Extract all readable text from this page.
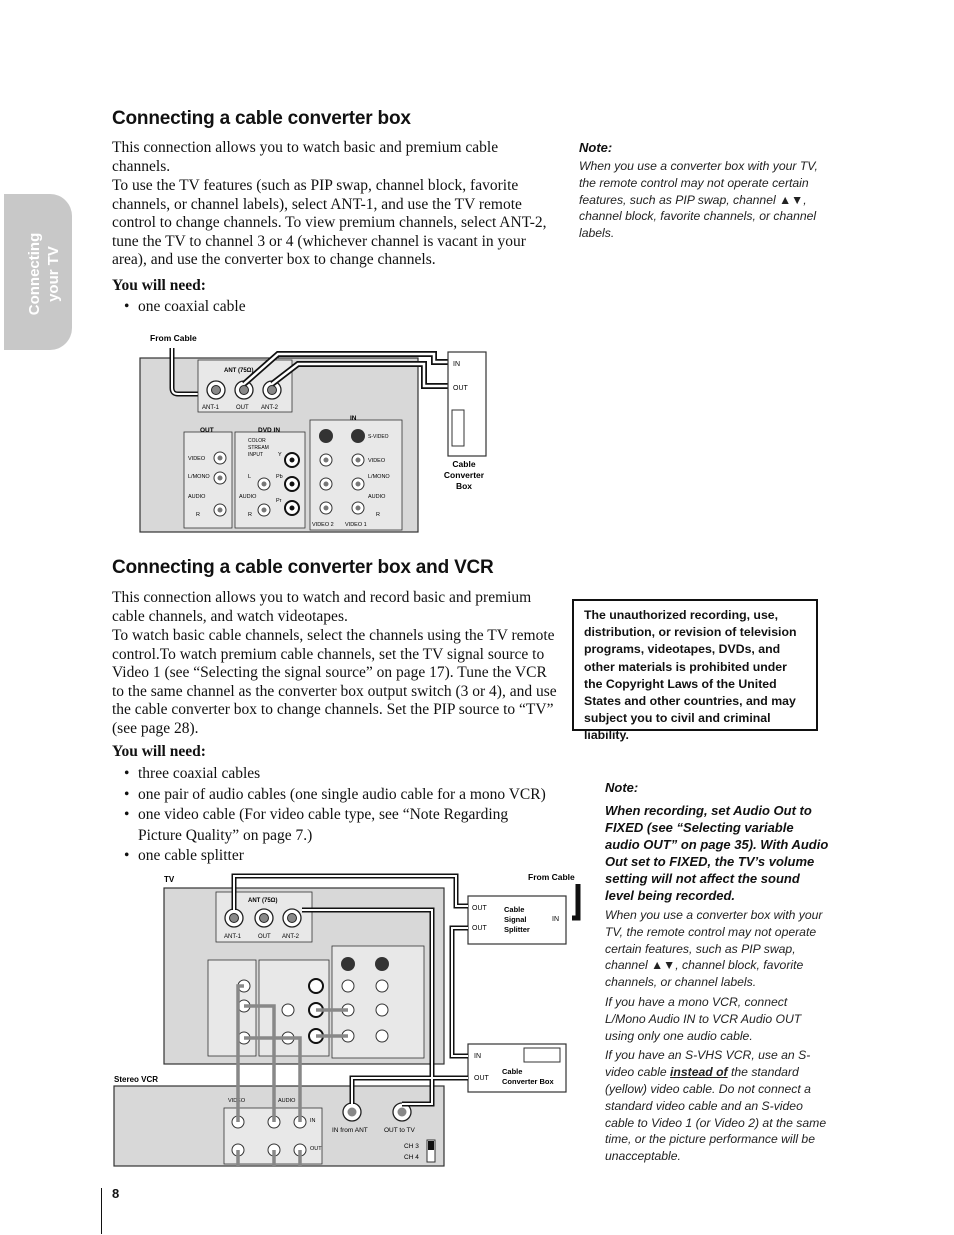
Connecting your TV
Connecting a cable converter box

This connection allows you to watch basic and premium cable channels.

To use the TV features (such as PIP swap, channel block, favorite channels, or channel labels), select ANT-1, and use the TV remote control to change channels. To view premium channels, select ANT-2, tune the TV to channel 3 or 4 (whichever channel is vacant in your area), and use the converter box to change channels.

You will need:
• one coaxial cable
Note:
When you use a converter box with your TV, the remote control may not operate certain features, such as PIP swap, channel ▲▼, channel block, favorite channels, or channel labels.
From Cable
ANT (75Ω)
ANT-1	OUT ANT-2
OUT
VIDEO
L/MONO
AUDIO
R
DVD IN
COLOR
STREAM
INPUT	Y
L	Pb
AUDIO
R
Pr
IN
S-VIDEO
VIDEO
L/MONO
AUDIO
R
VIDEO 2 VIDEO 1
IN
OUT
Cable
Converter
Box
Connecting a cable converter box and VCR

This connection allows you to watch and record basic and premium cable channels, and watch videotapes.

To watch basic cable channels, select the channels using the TV remote control.To watch premium cable channels, set the TV signal source to Video 1 (see “Selecting the signal source” on page 17). Tune the VCR to the same channel as the converter box output switch (3 or 4), and use the cable converter box to change channels. Set the PIP source to “TV” (see page 28).

You will need:
• three coaxial cables
• one pair of audio cables (one single audio cable for a mono VCR)
• one video cable (For video cable type, see “Note Regarding Picture Quality” on page 7.)
• one cable splitter
The unauthorized recording, use, distribution, or revision of television programs, videotapes, DVDs, and other materials is prohibited under the Copyright Laws of the United States and other countries, and may subject you to civil and criminal liability.
Note:
When recording, set Audio Out to FIXED (see “Selecting variable audio OUT” on page 35). With Audio Out set to FIXED, the TV’s volume setting will not affect the sound level being recorded.
When you use a converter box with your TV, the remote control may not operate certain features, such as PIP swap, channel ▲▼, channel block, favorite channels, or channel labels.
If you have a mono VCR, connect L/Mono Audio IN to VCR Audio OUT using only one audio cable.
If you have an S-VHS VCR, use an S-video cable instead of the standard (yellow) video cable. Do not connect a standard video cable and an S-video cable to Video 1 (or Video 2) at the same time, or the picture performance will be unacceptable.
TV	From Cable
ANT (75Ω)
ANT-1	OUT ANT-2
Stereo VCR
VIDEO	AUDIO
IN
OUT
IN from ANT OUT to TV
CH 3
CH 4
OUT
OUT
IN
Cable
Signal
Splitter
IN
OUT
Cable
Converter Box
8
